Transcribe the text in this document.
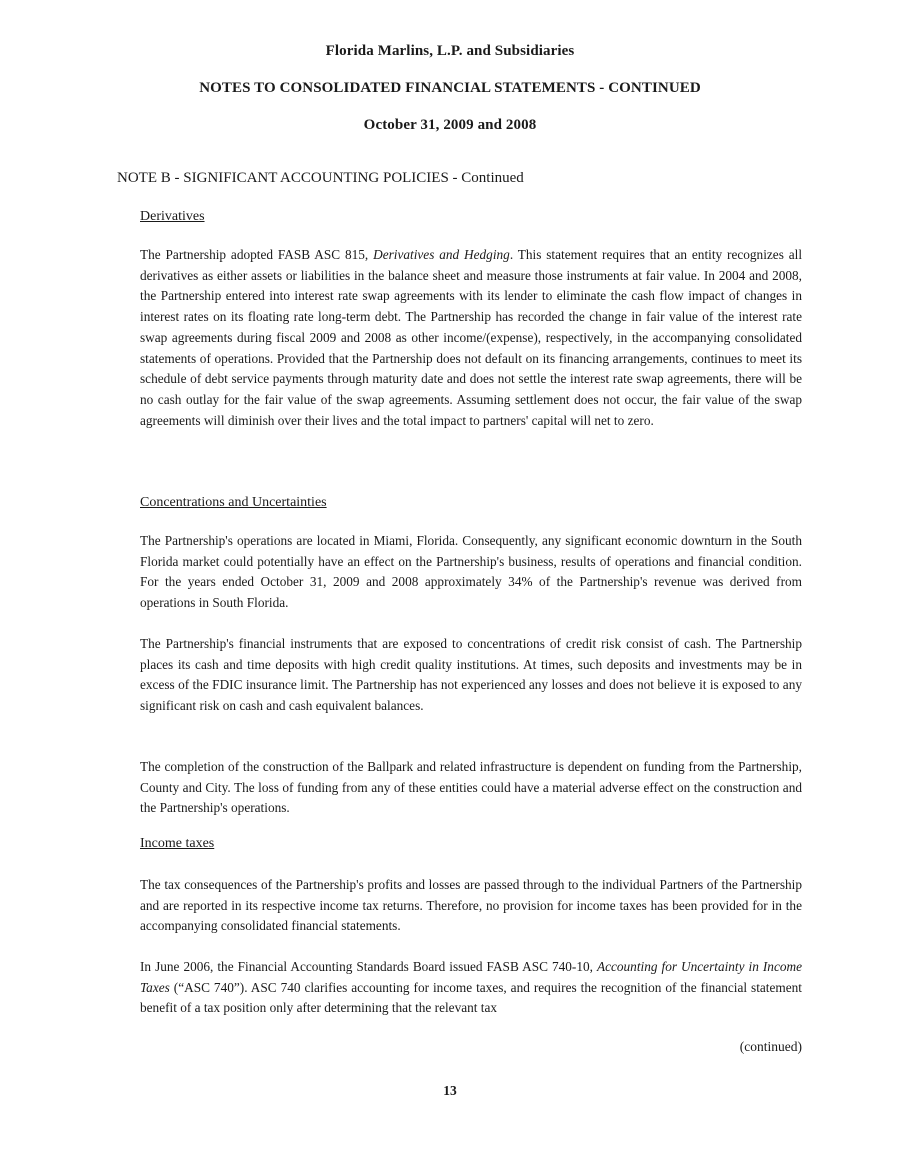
Florida Marlins, L.P. and Subsidiaries
NOTES TO CONSOLIDATED FINANCIAL STATEMENTS - CONTINUED
October 31, 2009 and 2008
NOTE B - SIGNIFICANT ACCOUNTING POLICIES - Continued
Derivatives
The Partnership adopted FASB ASC 815, Derivatives and Hedging. This statement requires that an entity recognizes all derivatives as either assets or liabilities in the balance sheet and measure those instruments at fair value. In 2004 and 2008, the Partnership entered into interest rate swap agreements with its lender to eliminate the cash flow impact of changes in interest rates on its floating rate long-term debt. The Partnership has recorded the change in fair value of the interest rate swap agreements during fiscal 2009 and 2008 as other income/(expense), respectively, in the accompanying consolidated statements of operations. Provided that the Partnership does not default on its financing arrangements, continues to meet its schedule of debt service payments through maturity date and does not settle the interest rate swap agreements, there will be no cash outlay for the fair value of the swap agreements. Assuming settlement does not occur, the fair value of the swap agreements will diminish over their lives and the total impact to partners' capital will net to zero.
Concentrations and Uncertainties
The Partnership's operations are located in Miami, Florida. Consequently, any significant economic downturn in the South Florida market could potentially have an effect on the Partnership's business, results of operations and financial condition. For the years ended October 31, 2009 and 2008 approximately 34% of the Partnership's revenue was derived from operations in South Florida.
The Partnership's financial instruments that are exposed to concentrations of credit risk consist of cash. The Partnership places its cash and time deposits with high credit quality institutions. At times, such deposits and investments may be in excess of the FDIC insurance limit. The Partnership has not experienced any losses and does not believe it is exposed to any significant risk on cash and cash equivalent balances.
The completion of the construction of the Ballpark and related infrastructure is dependent on funding from the Partnership, County and City. The loss of funding from any of these entities could have a material adverse effect on the construction and the Partnership's operations.
Income taxes
The tax consequences of the Partnership's profits and losses are passed through to the individual Partners of the Partnership and are reported in its respective income tax returns. Therefore, no provision for income taxes has been provided for in the accompanying consolidated financial statements.
In June 2006, the Financial Accounting Standards Board issued FASB ASC 740-10, Accounting for Uncertainty in Income Taxes (“ASC 740”). ASC 740 clarifies accounting for income taxes, and requires the recognition of the financial statement benefit of a tax position only after determining that the relevant tax
(continued)
13
